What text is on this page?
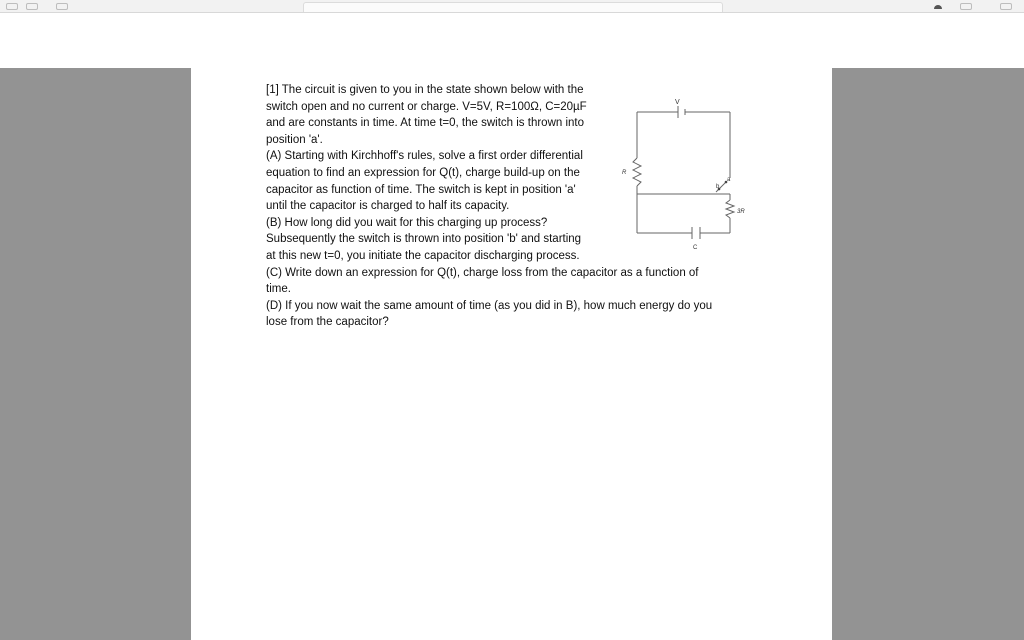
[1] The circuit is given to you in the state shown below with the

switch open and no current or charge. V=5V, R=100Ω, C=20µF

and are constants in time. At time t=0, the switch is thrown into

position 'a'.

(A) Starting with Kirchhoff's rules, solve a first order differential

equation to find an expression for Q(t), charge build-up on the

capacitor as function of time. The switch is kept in position 'a'

until the capacitor is charged to half its capacity.

(B) How long did you wait for this charging up process?

Subsequently the switch is thrown into position 'b' and starting

at this new t=0, you initiate the capacitor discharging process.

(C) Write down an expression for Q(t), charge loss from the capacitor as a function of

time.

(D) If you now wait the same amount of time (as you did in B), how much energy do you

lose from the capacitor?

V
R
3R
C
a
b
